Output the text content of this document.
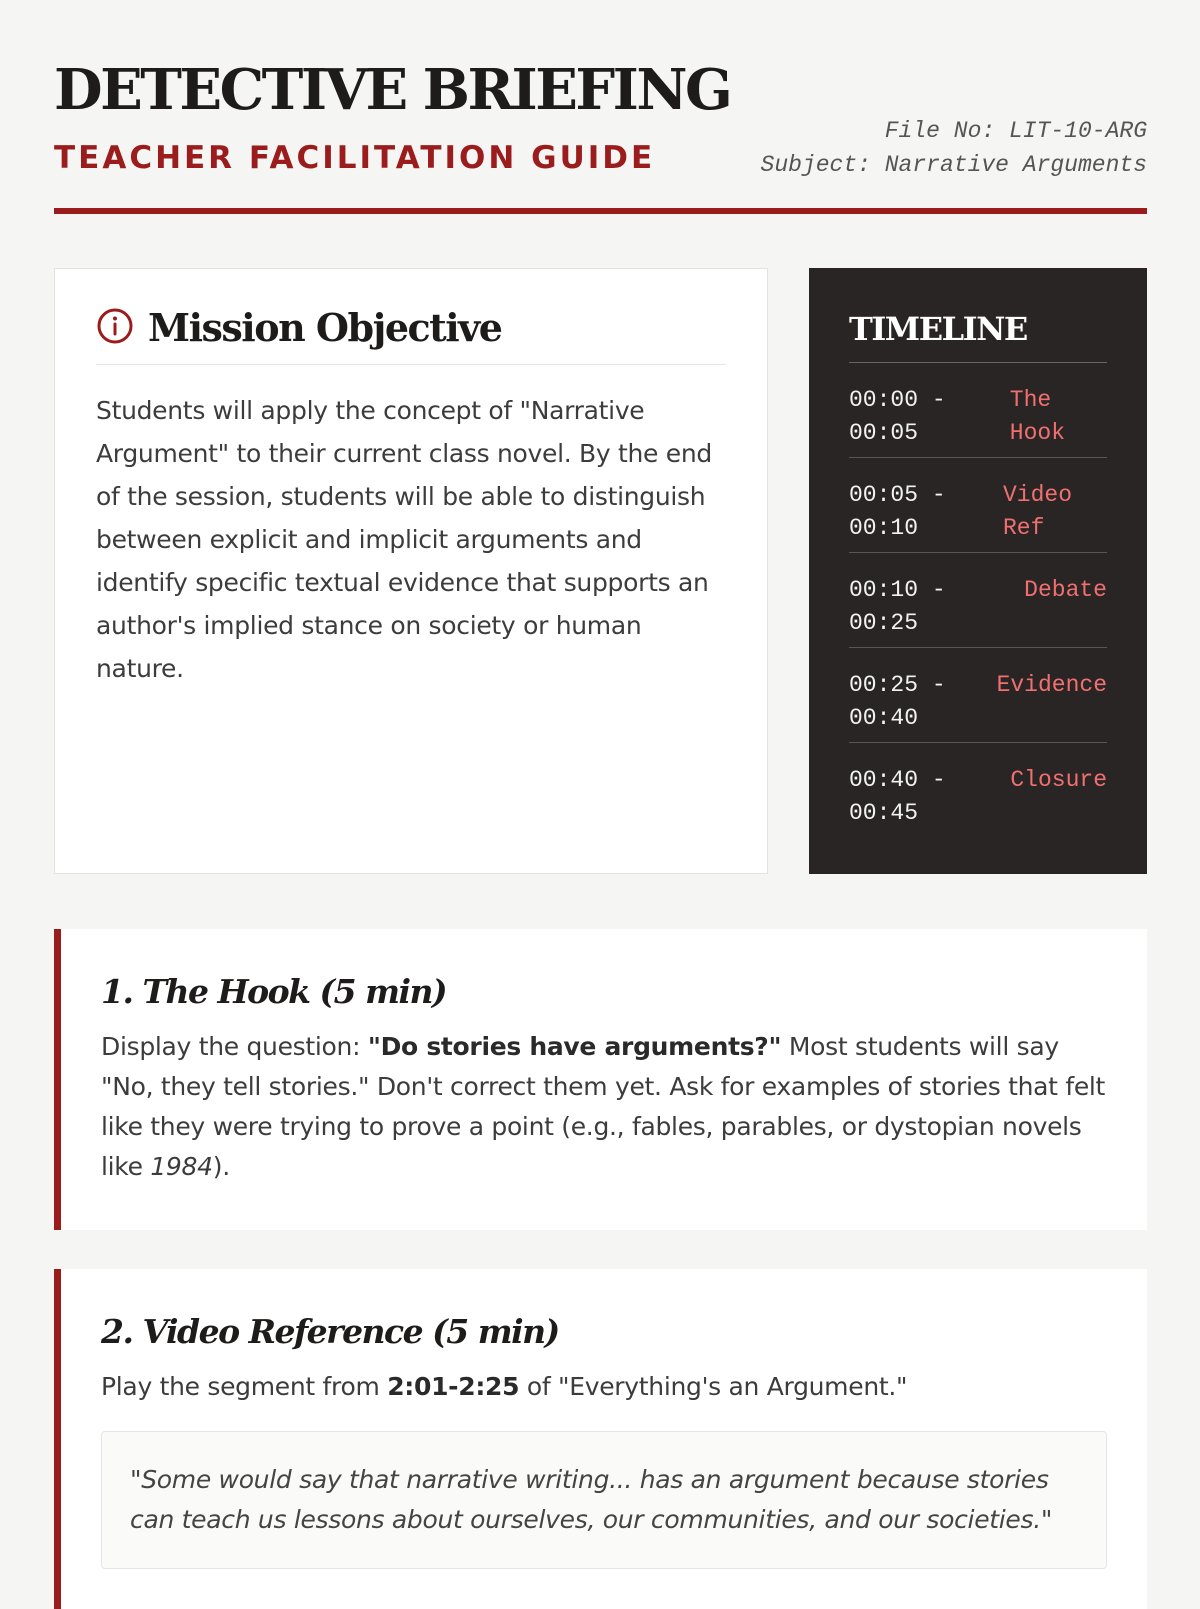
DETECTIVE BRIEFING
TEACHER FACILITATION GUIDE
File No: LIT-10-ARG
Subject: Narrative Arguments
Mission Objective

Students will apply the concept of "Narrative Argument" to their current class novel. By the end of the session, students will be able to distinguish between explicit and implicit arguments and identify specific textual evidence that supports an author's implied stance on society or human nature.

TIMELINE
00:00 -
00:05
The
Hook
00:05 -
00:10
Video
Ref
00:10 -
00:25
Debate
00:25 -
00:40
Evidence
00:40 -
00:45
Closure
1. The Hook (5 min)

Display the question: "Do stories have arguments?" Most students will say "No, they tell stories." Don't correct them yet. Ask for examples of stories that felt like they were trying to prove a point (e.g., fables, parables, or dystopian novels like 1984).

2. Video Reference (5 min)

Play the segment from 2:01-2:25 of "Everything's an Argument."

"Some would say that narrative writing... has an argument because stories can teach us lessons about ourselves, our communities, and our societies."
